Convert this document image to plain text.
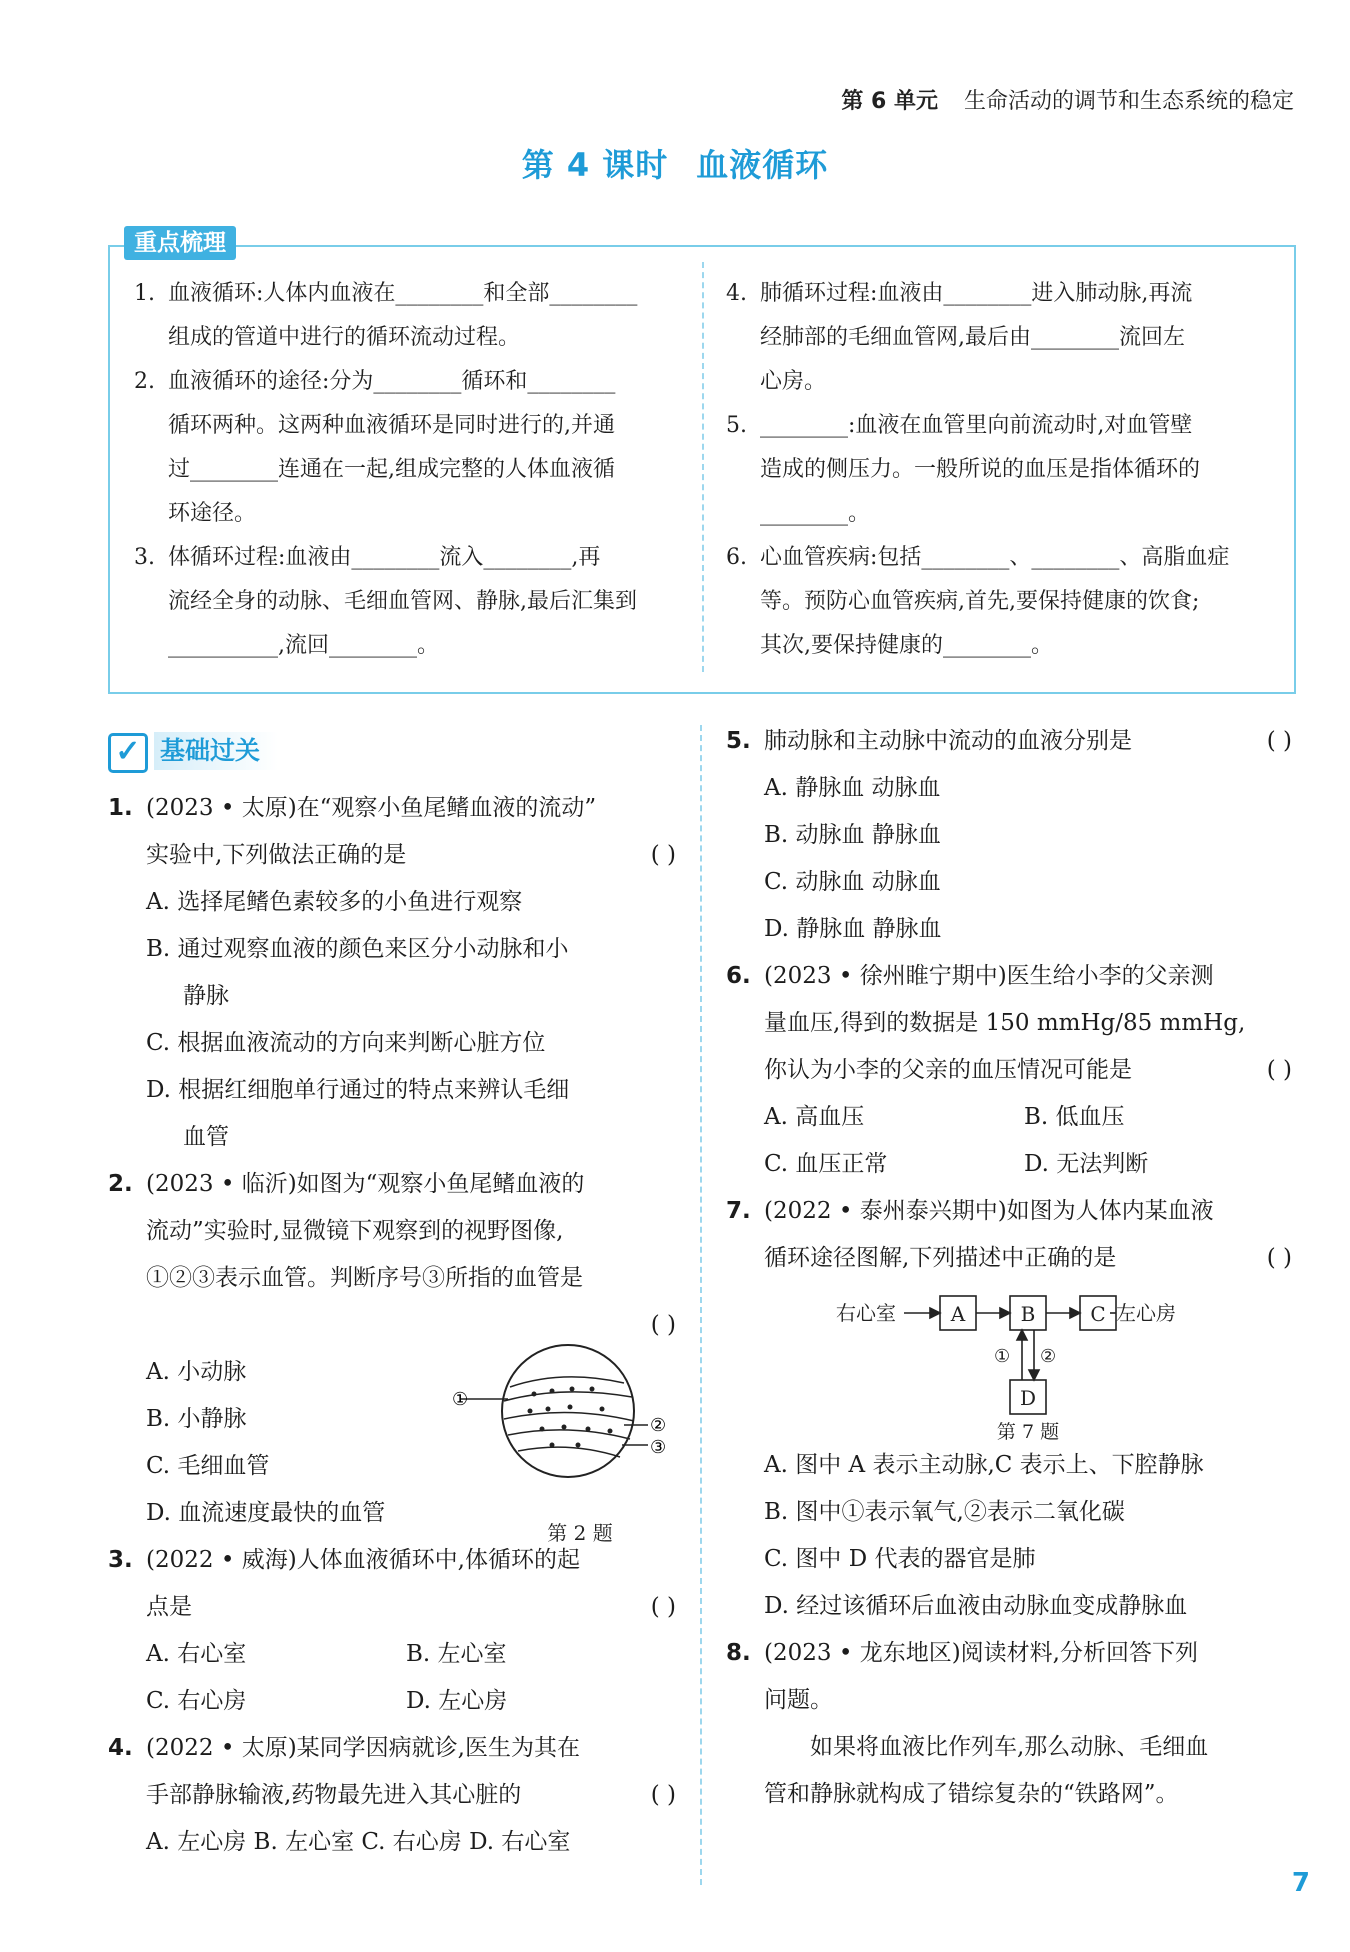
第 6 单元 生命活动的调节和生态系统的稳定
第 4 课时 血液循环
重点梳理
1. 血液循环:人体内血液在________和全部________
组成的管道中进行的循环流动过程。
2. 血液循环的途径:分为________循环和________
循环两种。这两种血液循环是同时进行的,并通
过________连通在一起,组成完整的人体血液循
环途径。
3. 体循环过程:血液由________流入________,再
流经全身的动脉、毛细血管网、静脉,最后汇集到
__________,流回________。
4. 肺循环过程:血液由________进入肺动脉,再流
经肺部的毛细血管网,最后由________流回左
心房。
5. ________:血液在血管里向前流动时,对血管壁
造成的侧压力。一般所说的血压是指体循环的
________。
6. 心血管疾病:包括________、________、高脂血症
等。预防心血管疾病,首先,要保持健康的饮食;
其次,要保持健康的________。
✓ 基础过关
1. (2023 • 太原)在“观察小鱼尾鳍血液的流动”
实验中,下列做法正确的是	( )
A. 选择尾鳍色素较多的小鱼进行观察
B. 通过观察血液的颜色来区分小动脉和小
静脉
C. 根据血液流动的方向来判断心脏方位
D. 根据红细胞单行通过的特点来辨认毛细
血管
2. (2023 • 临沂)如图为“观察小鱼尾鳍血液的
流动”实验时,显微镜下观察到的视野图像,
①②③表示血管。判断序号③所指的血管是
( )
A. 小动脉
B. 小静脉
C. 毛细血管
D. 血流速度最快的血管
①
②
③
第 2 题
3. (2022 • 威海)人体血液循环中,体循环的起
点是	( )
A. 右心室	B. 左心室
C. 右心房	D. 左心房
4. (2022 • 太原)某同学因病就诊,医生为其在
手部静脉输液,药物最先进入其心脏的	( )
A. 左心房 B. 左心室 C. 右心房 D. 右心室
5. 肺动脉和主动脉中流动的血液分别是	( )
A. 静脉血 动脉血
B. 动脉血 静脉血
C. 动脉血 动脉血
D. 静脉血 静脉血
6. (2023 • 徐州睢宁期中)医生给小李的父亲测
量血压,得到的数据是 150 mmHg/85 mmHg,
你认为小李的父亲的血压情况可能是	( )
A. 高血压	B. 低血压
C. 血压正常	D. 无法判断
7. (2022 • 泰州泰兴期中)如图为人体内某血液
循环途径图解,下列描述中正确的是	( )
右心室	左心房
A	B	C
D
① ②
第 7 题
A. 图中 A 表示主动脉,C 表示上、下腔静脉
B. 图中①表示氧气,②表示二氧化碳
C. 图中 D 代表的器官是肺
D. 经过该循环后血液由动脉血变成静脉血
8. (2023 • 龙东地区)阅读材料,分析回答下列
问题。
如果将血液比作列车,那么动脉、毛细血
管和静脉就构成了错综复杂的“铁路网”。
7
